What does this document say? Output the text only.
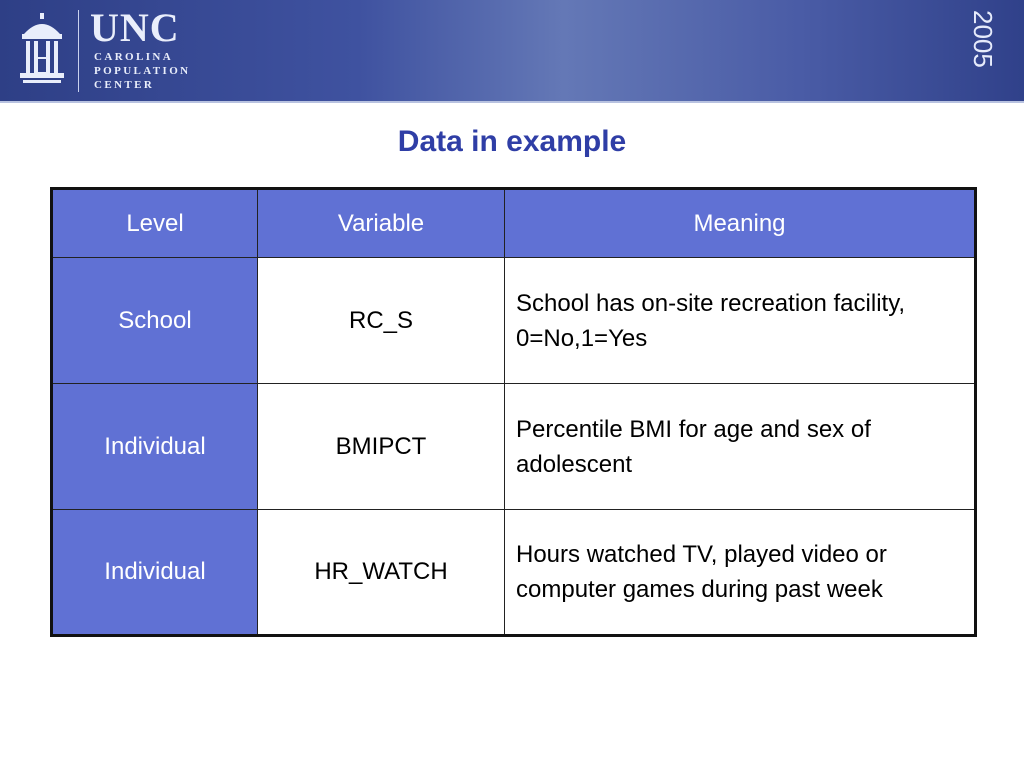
UNC
CAROLINA
POPULATION
CENTER
2005
Data in example
Level	Variable	Meaning
School	RC_S	School has on-site recreation facility, 0=No,1=Yes
Individual	BMIPCT	Percentile BMI for age and sex of adolescent
Individual	HR_WATCH	Hours watched TV, played video or computer games during past week
